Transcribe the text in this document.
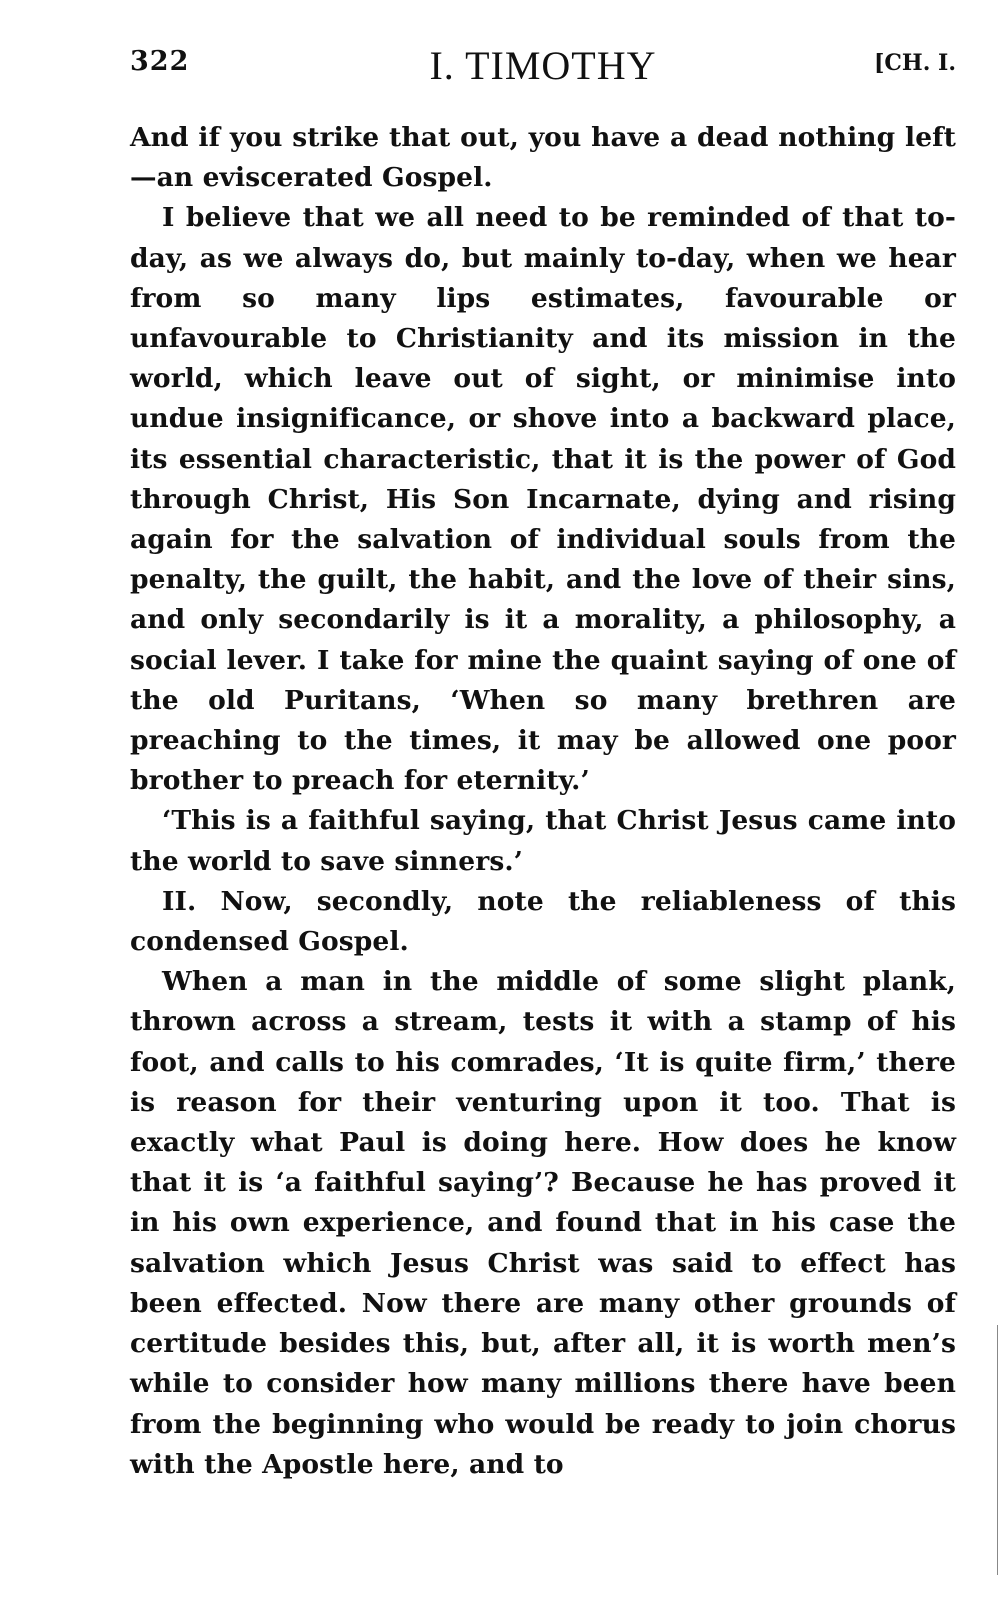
322	I. TIMOTHY	[CH. I.

And if you strike that out, you have a dead nothing left—an eviscerated Gospel.

I believe that we all need to be reminded of that to-day, as we always do, but mainly to-day, when we hear from so many lips estimates, favourable or unfavourable to Christianity and its mission in the world, which leave out of sight, or minimise into undue insignificance, or shove into a backward place, its essential characteristic, that it is the power of God through Christ, His Son Incarnate, dying and rising again for the salvation of individual souls from the penalty, the guilt, the habit, and the love of their sins, and only secondarily is it a morality, a philosophy, a social lever. I take for mine the quaint saying of one of the old Puritans, ‘When so many brethren are preaching to the times, it may be allowed one poor brother to preach for eternity.’

‘This is a faithful saying, that Christ Jesus came into the world to save sinners.’

II. Now, secondly, note the reliableness of this condensed Gospel.

When a man in the middle of some slight plank, thrown across a stream, tests it with a stamp of his foot, and calls to his comrades, ‘It is quite firm,’ there is reason for their venturing upon it too. That is exactly what Paul is doing here. How does he know that it is ‘a faithful saying’? Because he has proved it in his own experience, and found that in his case the salvation which Jesus Christ was said to effect has been effected. Now there are many other grounds of certitude besides this, but, after all, it is worth men’s while to consider how many millions there have been from the beginning who would be ready to join chorus with the Apostle here, and to
